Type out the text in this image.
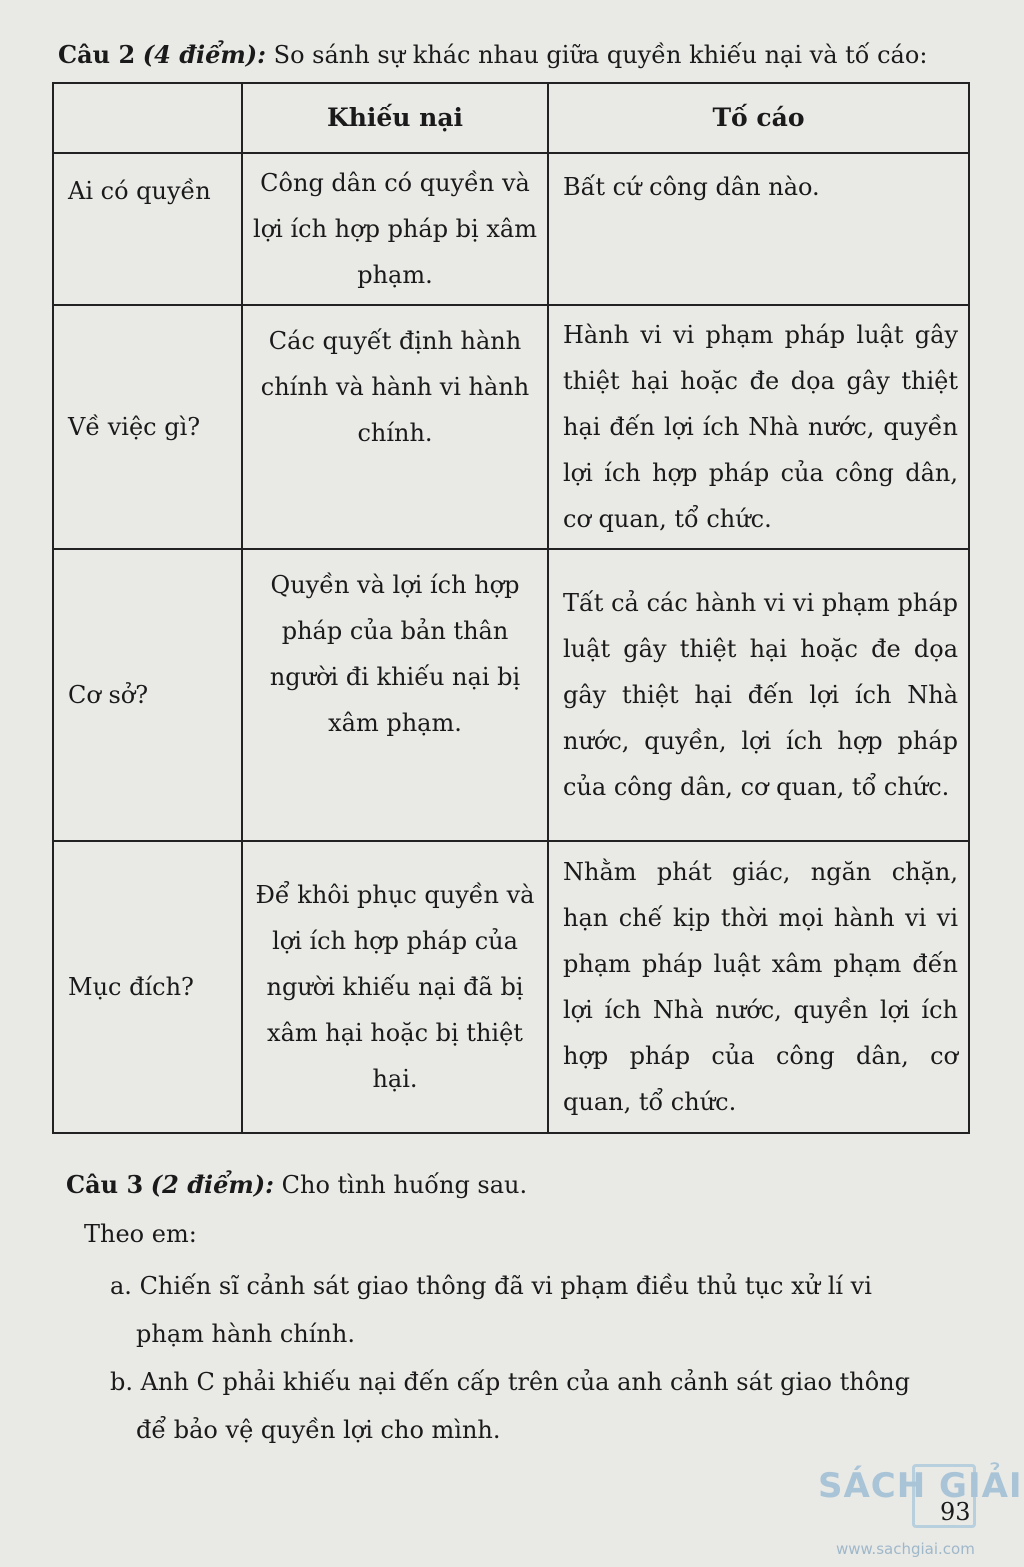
Câu 2 (4 điểm): So sánh sự khác nhau giữa quyền khiếu nại và tố cáo:
	Khiếu nại	Tố cáo
Ai có quyền	Công dân có quyền và lợi ích hợp pháp bị xâm phạm.	Bất cứ công dân nào.
Về việc gì?	Các quyết định hành chính và hành vi hành chính.	Hành vi vi phạm pháp luật gây thiệt hại hoặc đe dọa gây thiệt hại đến lợi ích Nhà nước, quyền lợi ích hợp pháp của công dân, cơ quan, tổ chức.
Cơ sở?	Quyền và lợi ích hợp pháp của bản thân người đi khiếu nại bị xâm phạm.	Tất cả các hành vi vi phạm pháp luật gây thiệt hại hoặc đe dọa gây thiệt hại đến lợi ích Nhà nước, quyền, lợi ích hợp pháp của công dân, cơ quan, tổ chức.
Mục đích?	Để khôi phục quyền và lợi ích hợp pháp của người khiếu nại đã bị xâm hại hoặc bị thiệt hại.	Nhằm phát giác, ngăn chặn, hạn chế kịp thời mọi hành vi vi phạm pháp luật xâm phạm đến lợi ích Nhà nước, quyền lợi ích hợp pháp của công dân, cơ quan, tổ chức.
Câu 3 (2 điểm): Cho tình huống sau.
Theo em:
a. Chiến sĩ cảnh sát giao thông đã vi phạm điều thủ tục xử lí vi
phạm hành chính.
b. Anh C phải khiếu nại đến cấp trên của anh cảnh sát giao thông
để bảo vệ quyền lợi cho mình.
SÁCH GIẢI
93
www.sachgiai.com
